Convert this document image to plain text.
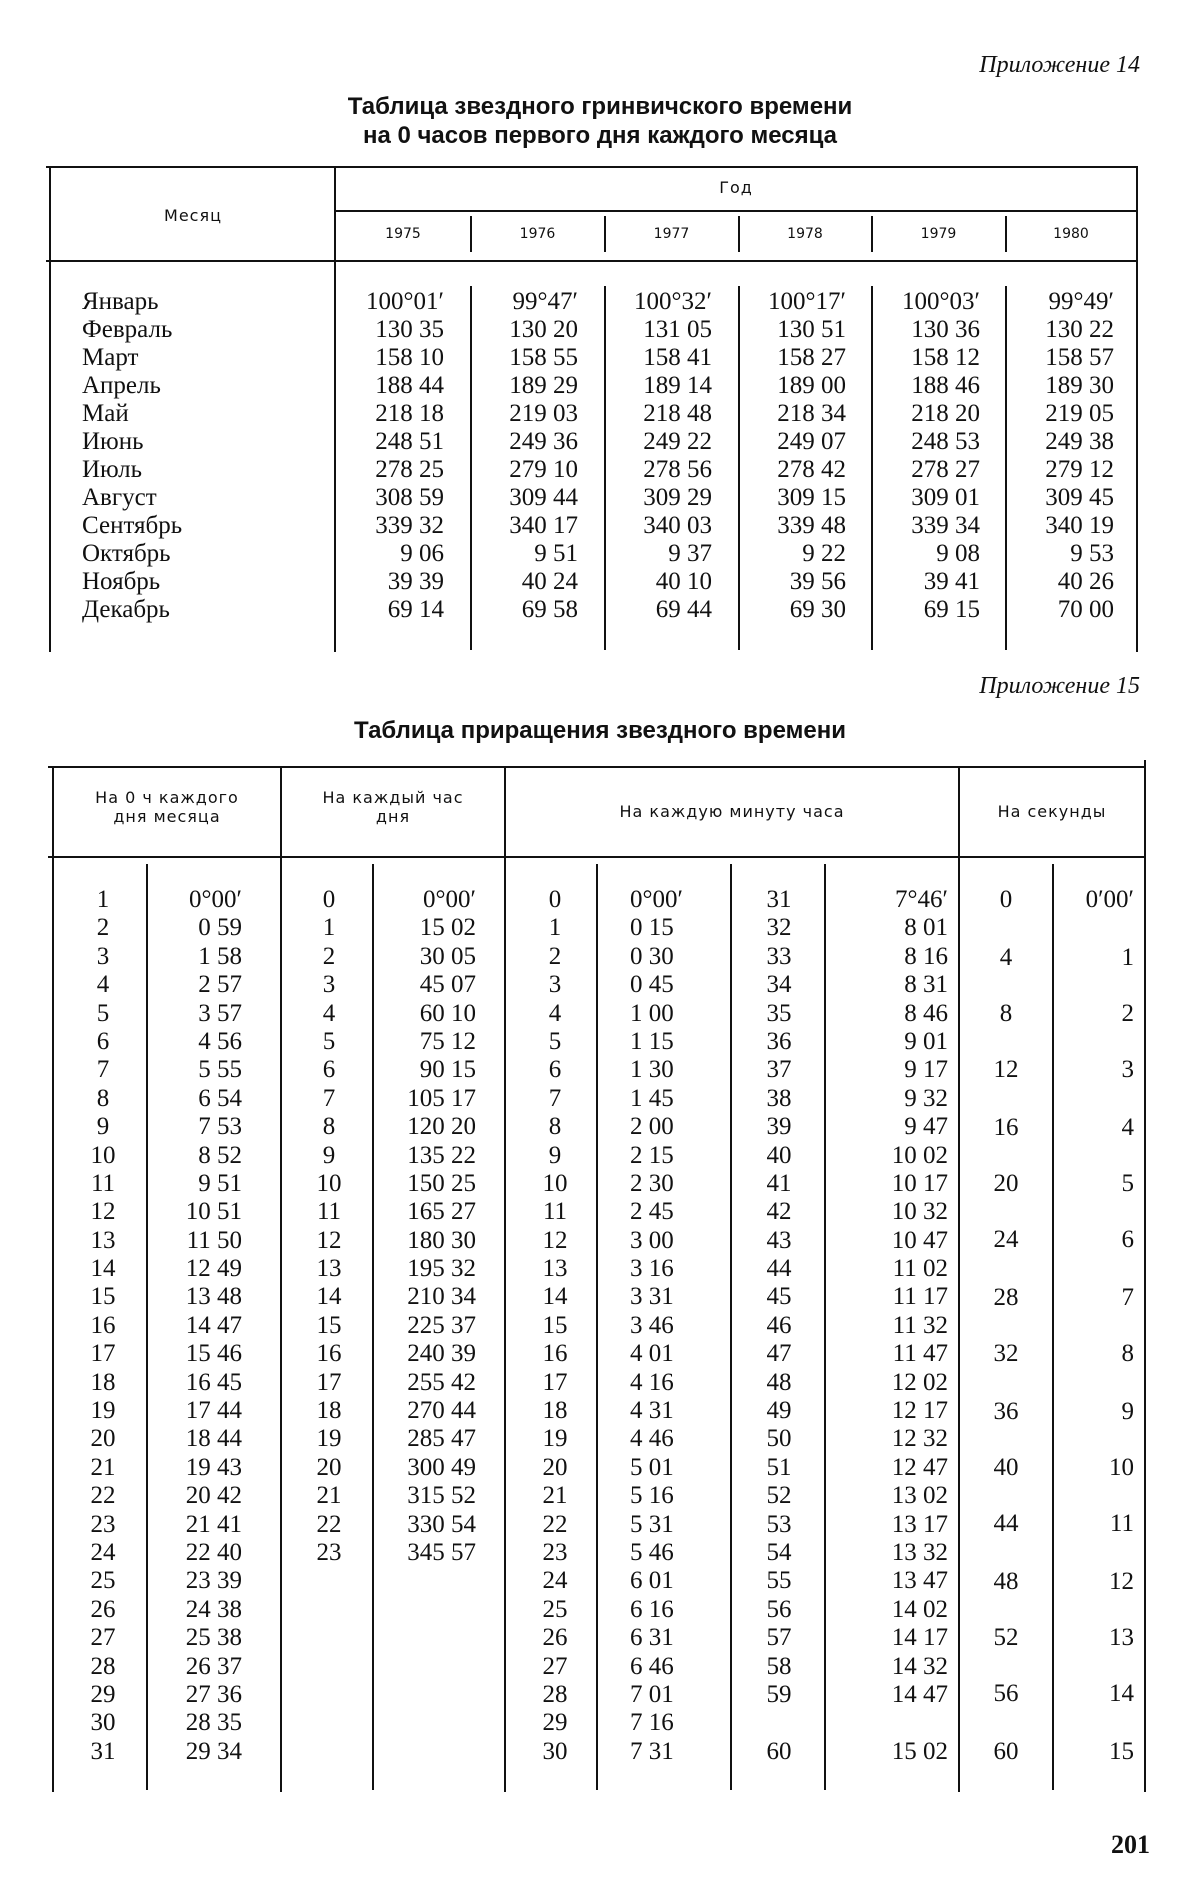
Приложение 14
Таблица звездного гринвичского времени
на 0 часов первого дня каждого месяца
Месяц
Год
1975	1976	1977	1978	1979	1980
Январь
Февраль
Март
Апрель
Май
Июнь
Июль
Август
Сентябрь
Октябрь
Ноябрь
Декабрь
100°01′
130 35
158 10
188 44
218 18
248 51
278 25
308 59
339 32
9 06
39 39
69 14
99°47′
130 20
158 55
189 29
219 03
249 36
279 10
309 44
340 17
9 51
40 24
69 58
100°32′
131 05
158 41
189 14
218 48
249 22
278 56
309 29
340 03
9 37
40 10
69 44
100°17′
130 51
158 27
189 00
218 34
249 07
278 42
309 15
339 48
9 22
39 56
69 30
100°03′
130 36
158 12
188 46
218 20
248 53
278 27
309 01
339 34
9 08
39 41
69 15
99°49′
130 22
158 57
189 30
219 05
249 38
279 12
309 45
340 19
9 53
40 26
70 00
Приложение 15
Таблица приращения звездного времени
На 0 ч каждого
дня месяца
На каждый час
дня	На каждую минуту часа	На секунды
1
2
3
4
5
6
7
8
9
10
11
12
13
14
15
16
17
18
19
20
21
22
23
24
25
26
27
28
29
30
31
0°00′
0 59
1 58
2 57
3 57
4 56
5 55
6 54
7 53
8 52
9 51
10 51
11 50
12 49
13 48
14 47
15 46
16 45
17 44
18 44
19 43
20 42
21 41
22 40
23 39
24 38
25 38
26 37
27 36
28 35
29 34
0
1
2
3
4
5
6
7
8
9
10
11
12
13
14
15
16
17
18
19
20
21
22
23
0°00′
15 02
30 05
45 07
60 10
75 12
90 15
105 17
120 20
135 22
150 25
165 27
180 30
195 32
210 34
225 37
240 39
255 42
270 44
285 47
300 49
315 52
330 54
345 57
0
1
2
3
4
5
6
7
8
9
10
11
12
13
14
15
16
17
18
19
20
21
22
23
24
25
26
27
28
29
30
0°00′
0 15
0 30
0 45
1 00
1 15
1 30
1 45
2 00
2 15
2 30
2 45
3 00
3 16
3 31
3 46
4 01
4 16
4 31
4 46
5 01
5 16
5 31
5 46
6 01
6 16
6 31
6 46
7 01
7 16
7 31
31
32
33
34
35
36
37
38
39
40
41
42
43
44
45
46
47
48
49
50
51
52
53
54
55
56
57
58
59
7°46′
8 01
8 16
8 31
8 46
9 01
9 17
9 32
9 47
10 02
10 17
10 32
10 47
11 02
11 17
11 32
11 47
12 02
12 17
12 32
12 47
13 02
13 17
13 32
13 47
14 02
14 17
14 32
14 47
60	15 02
0	0′00′
4	1
8	2
12	3
16	4
20	5
24	6
28	7
32	8
36	9
40	10
44	11
48	12
52	13
56	14
60	15
201
